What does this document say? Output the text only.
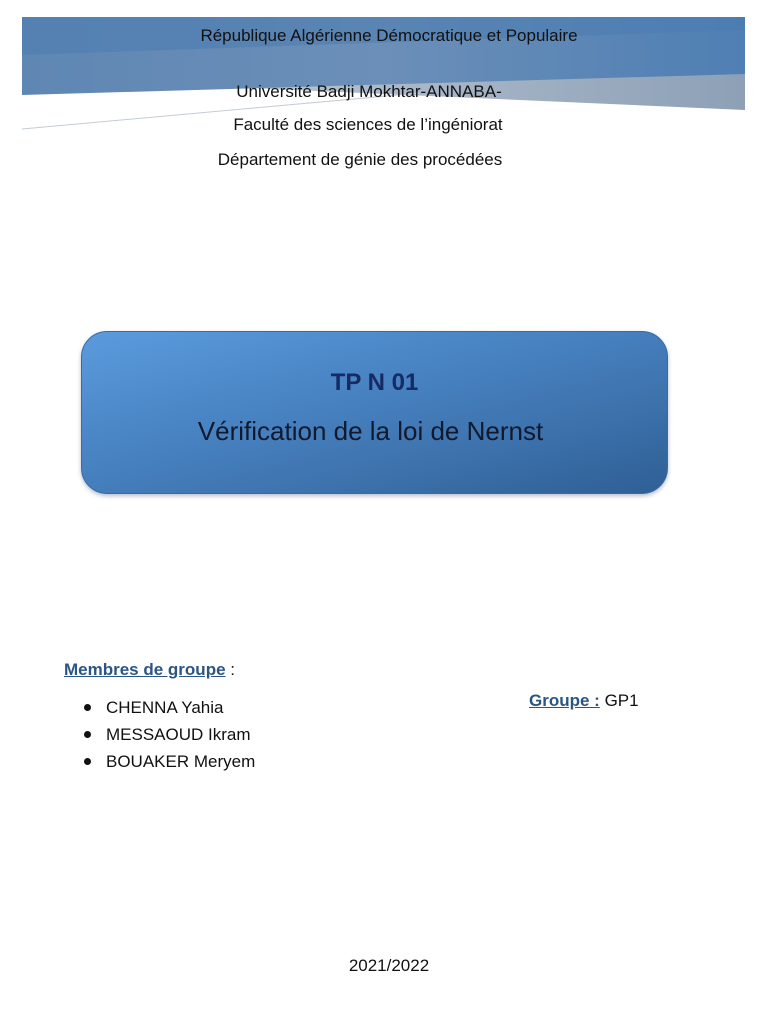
République Algérienne Démocratique et Populaire
Université Badji Mokhtar-ANNABA-
Faculté des sciences de l’ingéniorat
Département de génie des procédées
TP N 01
Vérification de la loi de Nernst
Membres de groupe :
CHENNA Yahia
MESSAOUD Ikram
BOUAKER Meryem
Groupe : GP1
2021/2022
